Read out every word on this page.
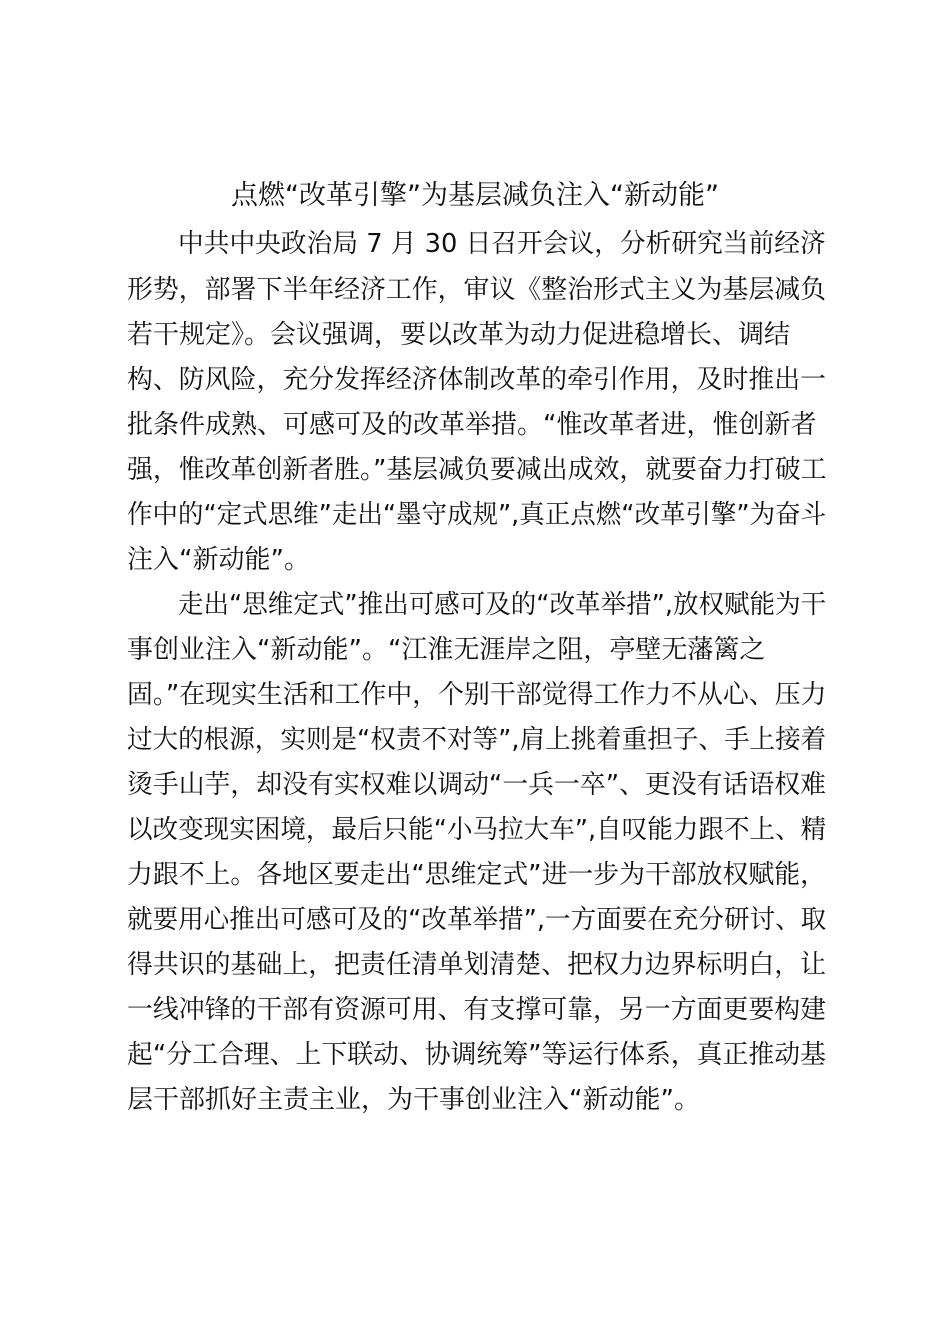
点燃“改革引擎”为基层减负注入“新动能”
中共中央政治局 7 月 30 日召开会议，分析研究当前经济
形势，部署下半年经济工作，审议《整治形式主义为基层减负
若干规定》。会议强调，要以改革为动力促进稳增长、调结
构、防风险，充分发挥经济体制改革的牵引作用，及时推出一
批条件成熟、可感可及的改革举措。“惟改革者进，惟创新者
强，惟改革创新者胜。”基层减负要减出成效，就要奋力打破工
作中的“定式思维”走出“墨守成规”,真正点燃“改革引擎”为奋斗
注入“新动能”。
走出“思维定式”推出可感可及的“改革举措”,放权赋能为干
事创业注入“新动能”。“江淮无涯岸之阻，亭壁无藩篱之
固。”在现实生活和工作中，个别干部觉得工作力不从心、压力
过大的根源，实则是“权责不对等”,肩上挑着重担子、手上接着
烫手山芋，却没有实权难以调动“一兵一卒”、更没有话语权难
以改变现实困境，最后只能“小马拉大车”,自叹能力跟不上、精
力跟不上。各地区要走出“思维定式”进一步为干部放权赋能，
就要用心推出可感可及的“改革举措”,一方面要在充分研讨、取
得共识的基础上，把责任清单划清楚、把权力边界标明白，让
一线冲锋的干部有资源可用、有支撑可靠，另一方面更要构建
起“分工合理、上下联动、协调统筹”等运行体系，真正推动基
层干部抓好主责主业，为干事创业注入“新动能”。
